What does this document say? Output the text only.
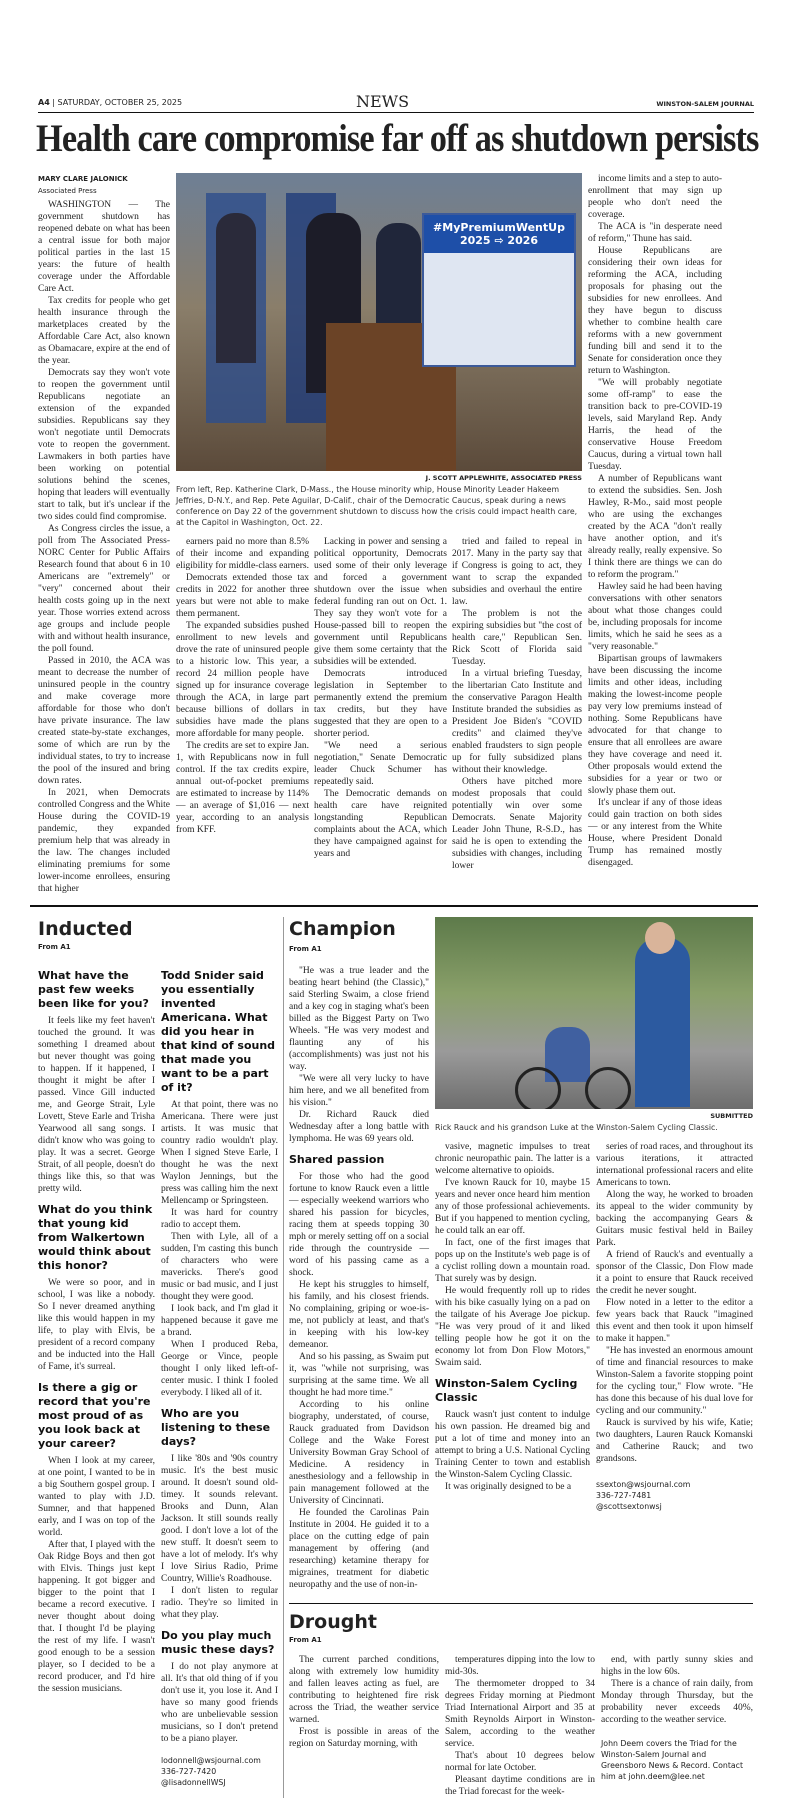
A4 | SATURDAY, OCTOBER 25, 2025	NEWS	WINSTON-SALEM JOURNAL
Health care compromise far off as shutdown persists
MARY CLARE JALONICK
Associated Press

WASHINGTON — The government shutdown has reopened debate on what has been a central issue for both major political parties in the last 15 years: the future of health coverage under the Affordable Care Act.

Tax credits for people who get health insurance through the marketplaces created by the Affordable Care Act, also known as Obamacare, expire at the end of the year.

Democrats say they won't vote to reopen the government until Republicans negotiate an extension of the expanded subsidies. Republicans say they won't negotiate until Democrats vote to reopen the government. Lawmakers in both parties have been working on potential solutions behind the scenes, hoping that leaders will eventually start to talk, but it's unclear if the two sides could find compromise.

As Congress circles the issue, a poll from The Associated Press-NORC Center for Public Affairs Research found that about 6 in 10 Americans are "extremely" or "very" concerned about their health costs going up in the next year. Those worries extend across age groups and include people with and without health insurance, the poll found.

Passed in 2010, the ACA was meant to decrease the number of uninsured people in the country and make coverage more affordable for those who don't have private insurance. The law created state-by-state exchanges, some of which are run by the individual states, to try to increase the pool of the insured and bring down rates.

In 2021, when Democrats controlled Congress and the White House during the COVID-19 pandemic, they expanded premium help that was already in the law. The changes included eliminating premiums for some lower-income enrollees, ensuring that higher

#MyPremiumWentUp 2025 ⇨ 2026
J. SCOTT APPLEWHITE, ASSOCIATED PRESS
From left, Rep. Katherine Clark, D-Mass., the House minority whip, House Minority Leader Hakeem Jeffries, D-N.Y., and Rep. Pete Aguilar, D-Calif., chair of the Democratic Caucus, speak during a news conference on Day 22 of the government shutdown to discuss how the crisis could impact health care, at the Capitol in Washington, Oct. 22.

earners paid no more than 8.5% of their income and expanding eligibility for middle-class earners.

Democrats extended those tax credits in 2022 for another three years but were not able to make them permanent.

The expanded subsidies pushed enrollment to new levels and drove the rate of uninsured people to a historic low. This year, a record 24 million people have signed up for insurance coverage through the ACA, in large part because billions of dollars in subsidies have made the plans more affordable for many people.

The credits are set to expire Jan. 1, with Republicans now in full control. If the tax credits expire, annual out-of-pocket premiums are estimated to increase by 114% — an average of $1,016 — next year, according to an analysis from KFF.

Lacking in power and sensing a political opportunity, Democrats used some of their only leverage and forced a government shutdown over the issue when federal funding ran out on Oct. 1. They say they won't vote for a House-passed bill to reopen the government until Republicans give them some certainty that the subsidies will be extended.

Democrats introduced legislation in September to permanently extend the premium tax credits, but they have suggested that they are open to a shorter period.

"We need a serious negotiation," Senate Democratic leader Chuck Schumer has repeatedly said.

The Democratic demands on health care have reignited longstanding Republican complaints about the ACA, which they have campaigned against for years and

tried and failed to repeal in 2017. Many in the party say that if Congress is going to act, they want to scrap the expanded subsidies and overhaul the entire law.

The problem is not the expiring subsidies but "the cost of health care," Republican Sen. Rick Scott of Florida said Tuesday.

In a virtual briefing Tuesday, the libertarian Cato Institute and the conservative Paragon Health Institute branded the subsidies as President Joe Biden's "COVID credits" and claimed they've enabled fraudsters to sign people up for fully subsidized plans without their knowledge.

Others have pitched more modest proposals that could potentially win over some Democrats. Senate Majority Leader John Thune, R-S.D., has said he is open to extending the subsidies with changes, including lower

income limits and a step to auto-enrollment that may sign up people who don't need the coverage.

The ACA is "in desperate need of reform," Thune has said.

House Republicans are considering their own ideas for reforming the ACA, including proposals for phasing out the subsidies for new enrollees. And they have begun to discuss whether to combine health care reforms with a new government funding bill and send it to the Senate for consideration once they return to Washington.

"We will probably negotiate some off-ramp" to ease the transition back to pre-COVID-19 levels, said Maryland Rep. Andy Harris, the head of the conservative House Freedom Caucus, during a virtual town hall Tuesday.

A number of Republicans want to extend the subsidies. Sen. Josh Hawley, R-Mo., said most people who are using the exchanges created by the ACA "don't really have another option, and it's already really, really expensive. So I think there are things we can do to reform the program."

Hawley said he had been having conversations with other senators about what those changes could be, including proposals for income limits, which he said he sees as a "very reasonable."

Bipartisan groups of lawmakers have been discussing the income limits and other ideas, including making the lowest-income people pay very low premiums instead of nothing. Some Republicans have advocated for that change to ensure that all enrollees are aware they have coverage and need it. Other proposals would extend the subsidies for a year or two or slowly phase them out.

It's unclear if any of those ideas could gain traction on both sides — or any interest from the White House, where President Donald Trump has remained mostly disengaged.

Inducted
From A1
What have the past few weeks been like for you?

It feels like my feet haven't touched the ground. It was something I dreamed about but never thought was going to happen. If it happened, I thought it might be after I passed. Vince Gill inducted me, and George Strait, Lyle Lovett, Steve Earle and Trisha Yearwood all sang songs. I didn't know who was going to play. It was a secret. George Strait, of all people, doesn't do things like this, so that was pretty wild.

What do you think that young kid from Walkertown would think about this honor?

We were so poor, and in school, I was like a nobody. So I never dreamed anything like this would happen in my life, to play with Elvis, be president of a record company and be inducted into the Hall of Fame, it's surreal.

Is there a gig or record that you're most proud of as you look back at your career?

When I look at my career, at one point, I wanted to be in a big Southern gospel group. I wanted to play with J.D. Sumner, and that happened early, and I was on top of the world.

After that, I played with the Oak Ridge Boys and then got with Elvis. Things just kept happening. It got bigger and bigger to the point that I became a record executive. I never thought about doing that. I thought I'd be playing the rest of my life. I wasn't good enough to be a session player, so I decided to be a record producer, and I'd hire the session musicians.

Todd Snider said you essentially invented Americana. What did you hear in that kind of sound that made you want to be a part of it?

At that point, there was no Americana. There were just artists. It was music that country radio wouldn't play. When I signed Steve Earle, I thought he was the next Waylon Jennings, but the press was calling him the next Mellencamp or Springsteen.

It was hard for country radio to accept them.

Then with Lyle, all of a sudden, I'm casting this bunch of characters who were mavericks. There's good music or bad music, and I just thought they were good.

I look back, and I'm glad it happened because it gave me a brand.

When I produced Reba, George or Vince, people thought I only liked left-of-center music. I think I fooled everybody. I liked all of it.

Who are you listening to these days?

I like '80s and '90s country music. It's the best music around. It doesn't sound old-timey. It sounds relevant. Brooks and Dunn, Alan Jackson. It still sounds really good. I don't love a lot of the new stuff. It doesn't seem to have a lot of melody. It's why I love Sirius Radio, Prime Country, Willie's Roadhouse.

I don't listen to regular radio. They're so limited in what they play.

Do you play much music these days?

I do not play anymore at all. It's that old thing of if you don't use it, you lose it. And I have so many good friends who are unbelievable session musicians, so I don't pretend to be a piano player.

lodonnell@wsjournal.com
336-727-7420
@lisadonnellWSJ
Champion
From A1

"He was a true leader and the beating heart behind (the Classic)," said Sterling Swaim, a close friend and a key cog in staging what's been billed as the Biggest Party on Two Wheels. "He was very modest and flaunting any of his (accomplishments) was just not his way.

"We were all very lucky to have him here, and we all benefited from his vision."

Dr. Richard Rauck died Wednesday after a long battle with lymphoma. He was 69 years old.

Shared passion

For those who had the good fortune to know Rauck even a little — especially weekend warriors who shared his passion for bicycles, racing them at speeds topping 30 mph or merely setting off on a social ride through the countryside — word of his passing came as a shock.

He kept his struggles to himself, his family, and his closest friends. No complaining, griping or woe-is-me, not publicly at least, and that's in keeping with his low-key demeanor.

And so his passing, as Swaim put it, was "while not surprising, was surprising at the same time. We all thought he had more time."

According to his online biography, understated, of course, Rauck graduated from Davidson College and the Wake Forest University Bowman Gray School of Medicine. A residency in anesthesiology and a fellowship in pain management followed at the University of Cincinnati.

He founded the Carolinas Pain Institute in 2004. He guided it to a place on the cutting edge of pain management by offering (and researching) ketamine therapy for migraines, treatment for diabetic neuropathy and the use of non-in-

SUBMITTED
Rick Rauck and his grandson Luke at the Winston-Salem Cycling Classic.

vasive, magnetic impulses to treat chronic neuropathic pain. The latter is a welcome alternative to opioids.

I've known Rauck for 10, maybe 15 years and never once heard him mention any of those professional achievements. But if you happened to mention cycling, he could talk an ear off.

In fact, one of the first images that pops up on the Institute's web page is of a cyclist rolling down a mountain road. That surely was by design.

He would frequently roll up to rides with his bike casually lying on a pad on the tailgate of his Average Joe pickup. "He was very proud of it and liked telling people how he got it on the economy lot from Don Flow Motors," Swaim said.

Winston-Salem Cycling Classic

Rauck wasn't just content to indulge his own passion. He dreamed big and put a lot of time and money into an attempt to bring a U.S. National Cycling Training Center to town and establish the Winston-Salem Cycling Classic.

It was originally designed to be a

series of road races, and throughout its various iterations, it attracted international professional racers and elite Americans to town.

Along the way, he worked to broaden its appeal to the wider community by backing the accompanying Gears & Guitars music festival held in Bailey Park.

A friend of Rauck's and eventually a sponsor of the Classic, Don Flow made it a point to ensure that Rauck received the credit he never sought.

Flow noted in a letter to the editor a few years back that Rauck "imagined this event and then took it upon himself to make it happen."

"He has invested an enormous amount of time and financial resources to make Winston-Salem a favorite stopping point for the cycling tour," Flow wrote. "He has done this because of his dual love for cycling and our community."

Rauck is survived by his wife, Katie; two daughters, Lauren Rauck Komanski and Catherine Rauck; and two grandsons.

ssexton@wsjournal.com
336-727-7481
@scottsextonwsj
Drought
From A1

The current parched conditions, along with extremely low humidity and fallen leaves acting as fuel, are contributing to heightened fire risk across the Triad, the weather service warned.

Frost is possible in areas of the region on Saturday morning, with

temperatures dipping into the low to mid-30s.

The thermometer dropped to 34 degrees Friday morning at Piedmont Triad International Airport and 35 at Smith Reynolds Airport in Winston-Salem, according to the weather service.

That's about 10 degrees below normal for late October.

Pleasant daytime conditions are in the Triad forecast for the week-

end, with partly sunny skies and highs in the low 60s.

There is a chance of rain daily, from Monday through Thursday, but the probability never exceeds 40%, according to the weather service.

John Deem covers the Triad for the Winston-Salem Journal and Greensboro News & Record. Contact him at john.deem@lee.net
